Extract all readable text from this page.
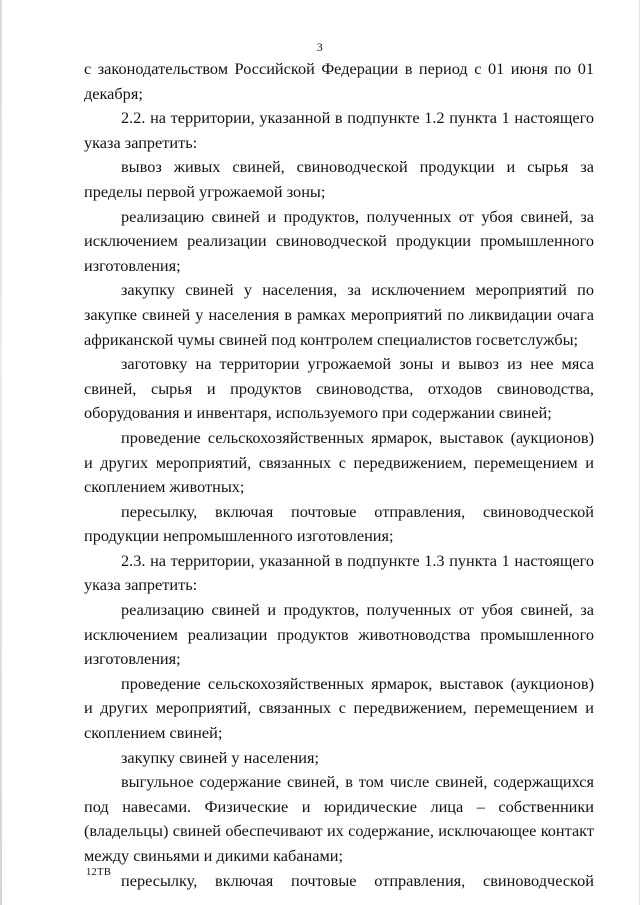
3

с законодательством Российской Федерации в период с 01 июня по 01 декабря;

2.2. на территории, указанной в подпункте 1.2 пункта 1 настоящего указа запретить:

вывоз живых свиней, свиноводческой продукции и сырья за пределы первой угрожаемой зоны;

реализацию свиней и продуктов, полученных от убоя свиней, за исключением реализации свиноводческой продукции промышленного изготовления;

закупку свиней у населения, за исключением мероприятий по закупке свиней у населения в рамках мероприятий по ликвидации очага африканской чумы свиней под контролем специалистов госветслужбы;

заготовку на территории угрожаемой зоны и вывоз из нее мяса свиней, сырья и продуктов свиноводства, отходов свиноводства, оборудования и инвентаря, используемого при содержании свиней;

проведение сельскохозяйственных ярмарок, выставок (аукционов) и других мероприятий, связанных с передвижением, перемещением и скоплением животных;

пересылку, включая почтовые отправления, свиноводческой продукции непромышленного изготовления;

2.3. на территории, указанной в подпункте 1.3 пункта 1 настоящего указа запретить:

реализацию свиней и продуктов, полученных от убоя свиней, за исключением реализации продуктов животноводства промышленного изготовления;

проведение сельскохозяйственных ярмарок, выставок (аукционов) и других мероприятий, связанных с передвижением, перемещением и скоплением свиней;

закупку свиней у населения;

выгульное содержание свиней, в том числе свиней, содержащихся под навесами. Физические и юридические лица – собственники (владельцы) свиней обеспечивают их содержание, исключающее контакт между свиньями и дикими кабанами;

пересылку, включая почтовые отправления, свиноводческой

12ТВ
